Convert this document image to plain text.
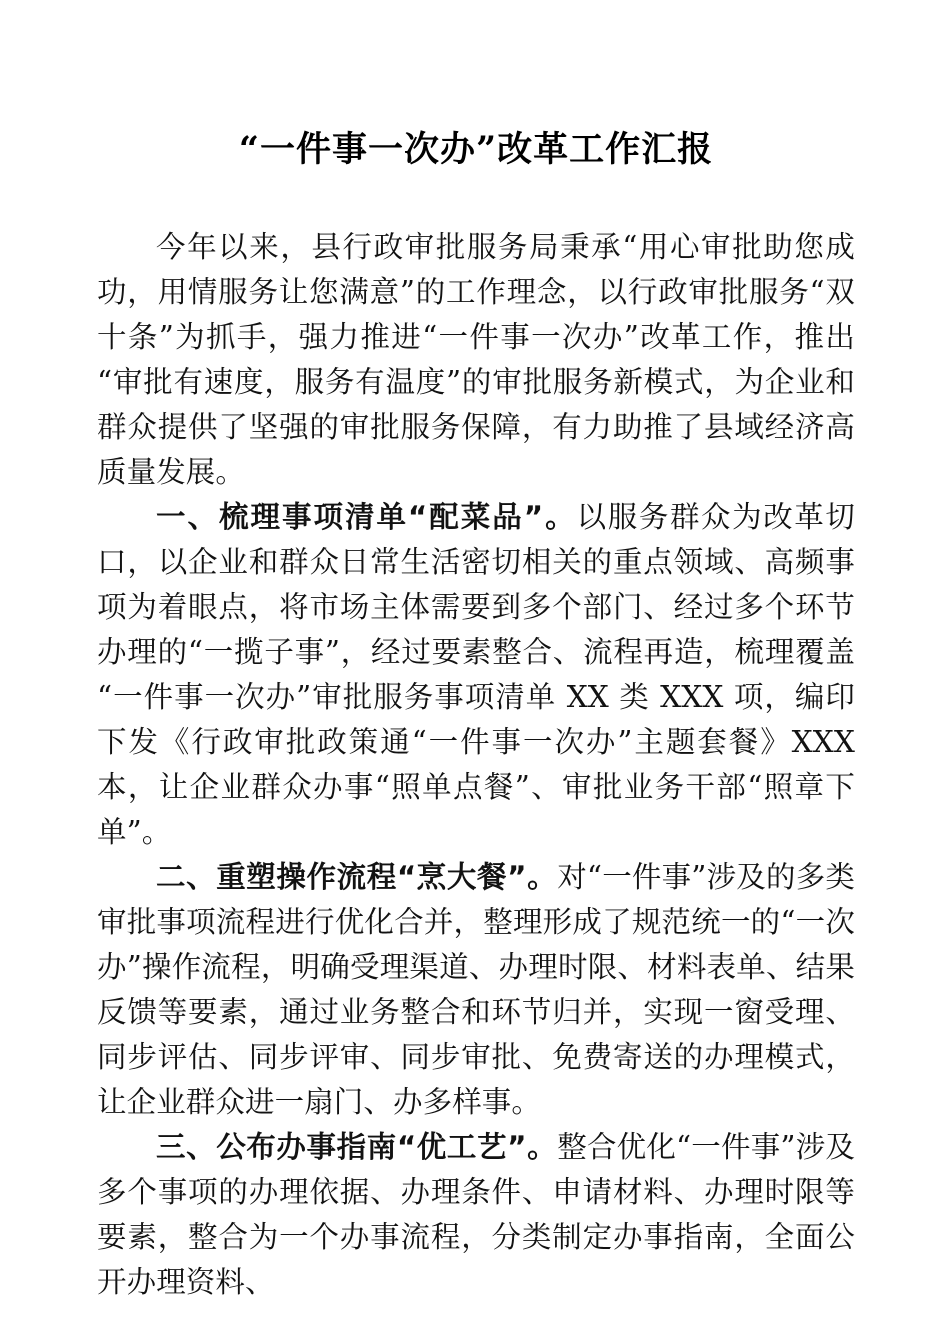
“一件事一次办”改革工作汇报

今年以来，县行政审批服务局秉承“用心审批助您成功，用情服务让您满意”的工作理念，以行政审批服务“双十条”为抓手，强力推进“一件事一次办”改革工作，推出“审批有速度，服务有温度”的审批服务新模式，为企业和群众提供了坚强的审批服务保障，有力助推了县域经济高质量发展。

一、梳理事项清单“配菜品”。以服务群众为改革切口，以企业和群众日常生活密切相关的重点领域、高频事项为着眼点，将市场主体需要到多个部门、经过多个环节办理的“一揽子事”，经过要素整合、流程再造，梳理覆盖“一件事一次办”审批服务事项清单 XX 类 XXX 项，编印下发《行政审批政策通“一件事一次办”主题套餐》XXX 本，让企业群众办事“照单点餐”、审批业务干部“照章下单”。

二、重塑操作流程“烹大餐”。对“一件事”涉及的多类审批事项流程进行优化合并，整理形成了规范统一的“一次办”操作流程，明确受理渠道、办理时限、材料表单、结果反馈等要素，通过业务整合和环节归并，实现一窗受理、同步评估、同步评审、同步审批、免费寄送的办理模式，让企业群众进一扇门、办多样事。

三、公布办事指南“优工艺”。整合优化“一件事”涉及多个事项的办理依据、办理条件、申请材料、办理时限等要素，整合为一个办事流程，分类制定办事指南，全面公开办理资料、
